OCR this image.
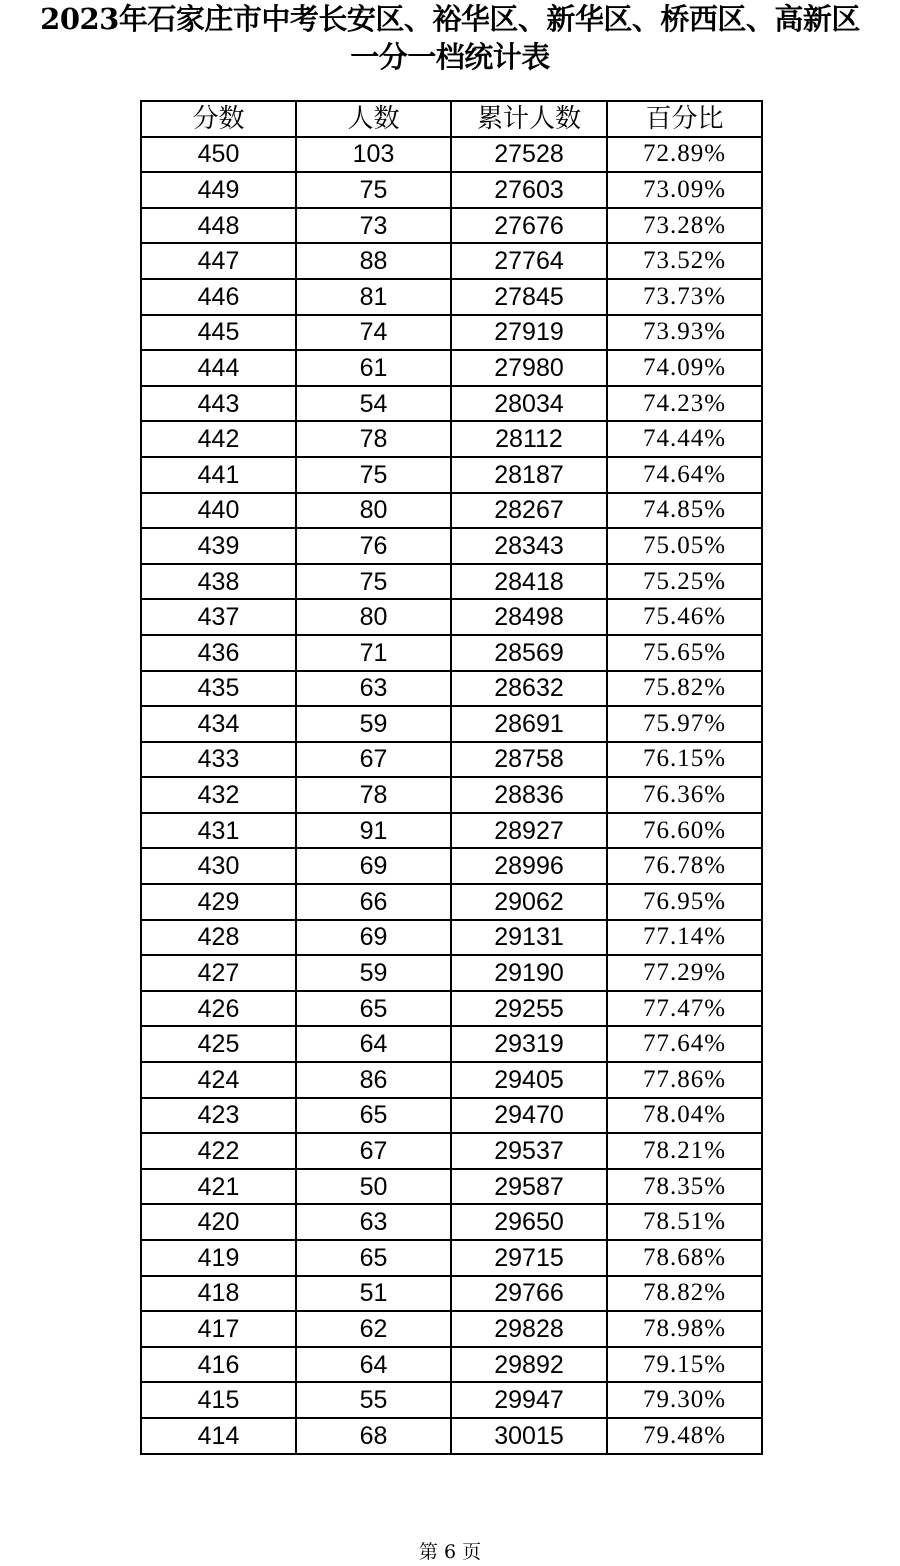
2023年石家庄市中考长安区、裕华区、新华区、桥西区、高新区
一分一档统计表
分数	人数	累计人数	百分比
450	103	27528	72.89%
449	75	27603	73.09%
448	73	27676	73.28%
447	88	27764	73.52%
446	81	27845	73.73%
445	74	27919	73.93%
444	61	27980	74.09%
443	54	28034	74.23%
442	78	28112	74.44%
441	75	28187	74.64%
440	80	28267	74.85%
439	76	28343	75.05%
438	75	28418	75.25%
437	80	28498	75.46%
436	71	28569	75.65%
435	63	28632	75.82%
434	59	28691	75.97%
433	67	28758	76.15%
432	78	28836	76.36%
431	91	28927	76.60%
430	69	28996	76.78%
429	66	29062	76.95%
428	69	29131	77.14%
427	59	29190	77.29%
426	65	29255	77.47%
425	64	29319	77.64%
424	86	29405	77.86%
423	65	29470	78.04%
422	67	29537	78.21%
421	50	29587	78.35%
420	63	29650	78.51%
419	65	29715	78.68%
418	51	29766	78.82%
417	62	29828	78.98%
416	64	29892	79.15%
415	55	29947	79.30%
414	68	30015	79.48%
第 6 页
